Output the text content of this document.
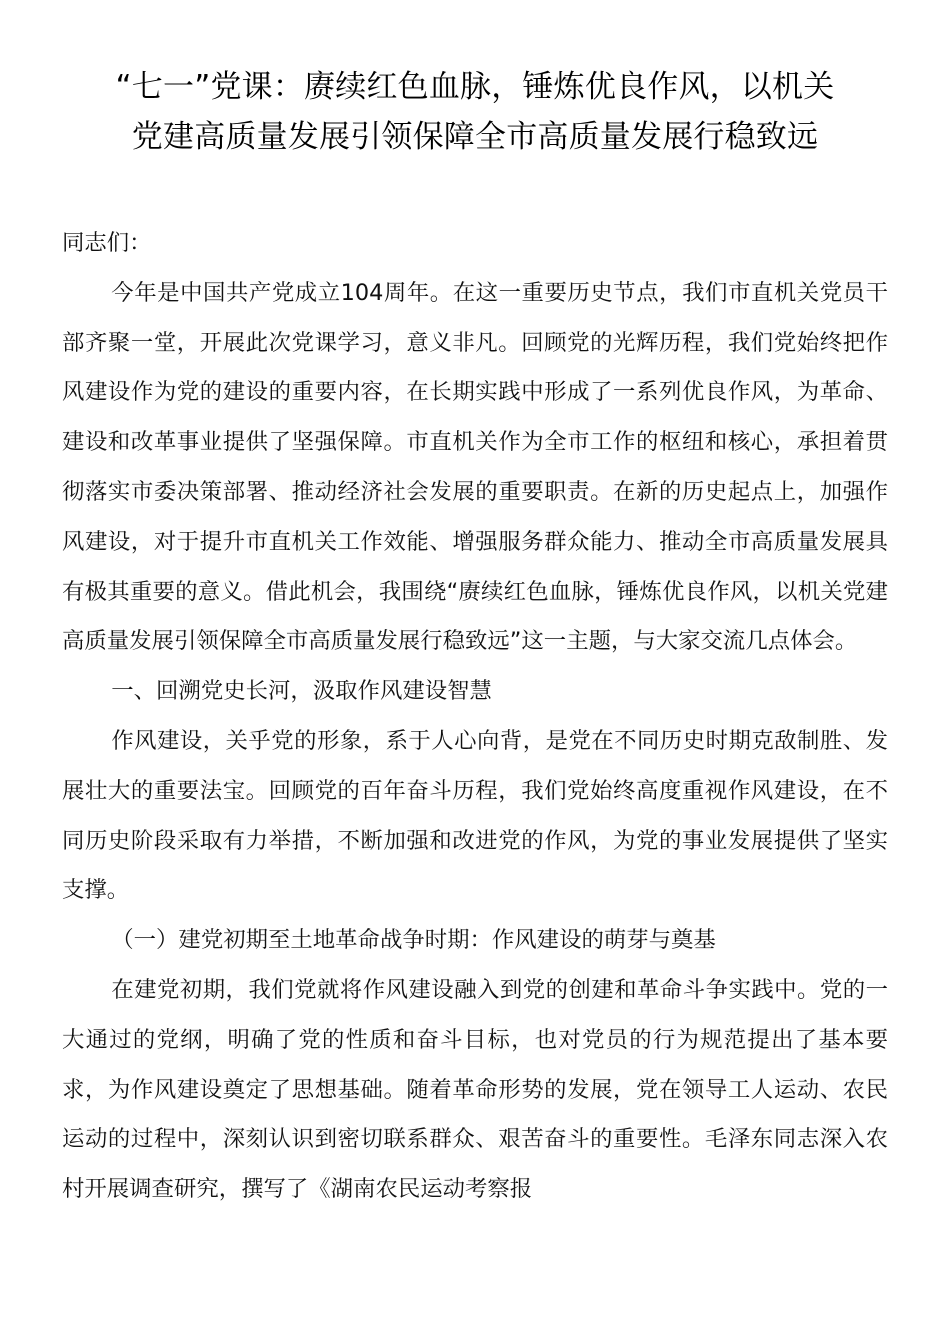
“七一”党课：赓续红色血脉，锤炼优良作风，以机关
党建高质量发展引领保障全市高质量发展行稳致远

同志们：

今年是中国共产党成立104周年。在这一重要历史节点，我们市直机关党员干部齐聚一堂，开展此次党课学习，意义非凡。回顾党的光辉历程，我们党始终把作风建设作为党的建设的重要内容，在长期实践中形成了一系列优良作风，为革命、建设和改革事业提供了坚强保障。市直机关作为全市工作的枢纽和核心，承担着贯彻落实市委决策部署、推动经济社会发展的重要职责。在新的历史起点上，加强作风建设，对于提升市直机关工作效能、增强服务群众能力、推动全市高质量发展具有极其重要的意义。借此机会，我围绕“赓续红色血脉，锤炼优良作风，以机关党建高质量发展引领保障全市高质量发展行稳致远”这一主题，与大家交流几点体会。

一、回溯党史长河，汲取作风建设智慧

作风建设，关乎党的形象，系于人心向背，是党在不同历史时期克敌制胜、发展壮大的重要法宝。回顾党的百年奋斗历程，我们党始终高度重视作风建设，在不同历史阶段采取有力举措，不断加强和改进党的作风，为党的事业发展提供了坚实支撑。

（一）建党初期至土地革命战争时期：作风建设的萌芽与奠基

在建党初期，我们党就将作风建设融入到党的创建和革命斗争实践中。党的一大通过的党纲，明确了党的性质和奋斗目标，也对党员的行为规范提出了基本要求，为作风建设奠定了思想基础。随着革命形势的发展，党在领导工人运动、农民运动的过程中，深刻认识到密切联系群众、艰苦奋斗的重要性。毛泽东同志深入农村开展调查研究，撰写了《湖南农民运动考察报
